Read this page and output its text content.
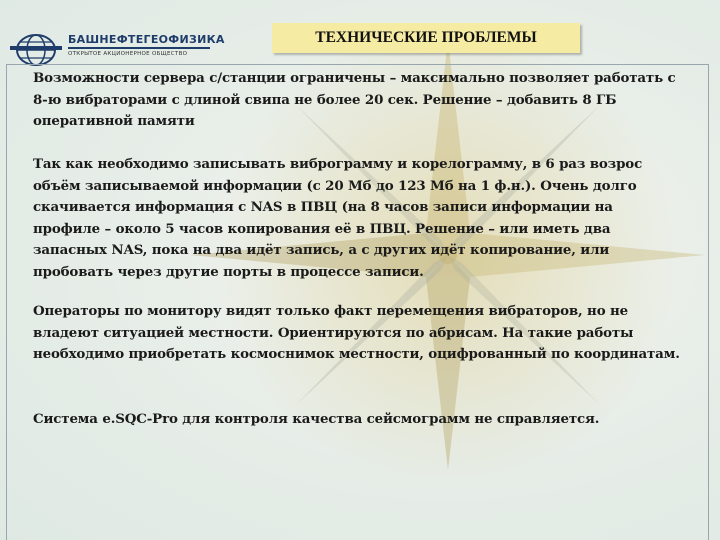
БАШНЕФТЕГЕОФИЗИКА
ОТКРЫТОЕ АКЦИОНЕРНОЕ ОБЩЕСТВО
ТЕХНИЧЕСКИЕ ПРОБЛЕМЫ

Возможности сервера с/станции ограничены – максимально позволяет работать с 8-ю вибраторами с длиной свипа не более 20 сек. Решение – добавить 8 ГБ оперативной памяти

Так как необходимо записывать виброграмму и корелограмму, в 6 раз возрос объём записываемой информации (с 20 Мб до 123 Мб на 1 ф.н.). Очень долго скачивается информация с NAS в ПВЦ (на 8 часов записи информации на профиле – около 5 часов копирования её в ПВЦ. Решение – или иметь два запасных NAS, пока на два идёт запись, а с других идёт копирование, или пробовать через другие порты в процессе записи.

Операторы по монитору видят только факт перемещения вибраторов, но не владеют ситуацией местности. Ориентируются по абрисам. На такие работы необходимо приобретать космоснимок местности, оцифрованный по координатам.

Система e.SQC-Pro для контроля качества сейсмограмм не справляется.
